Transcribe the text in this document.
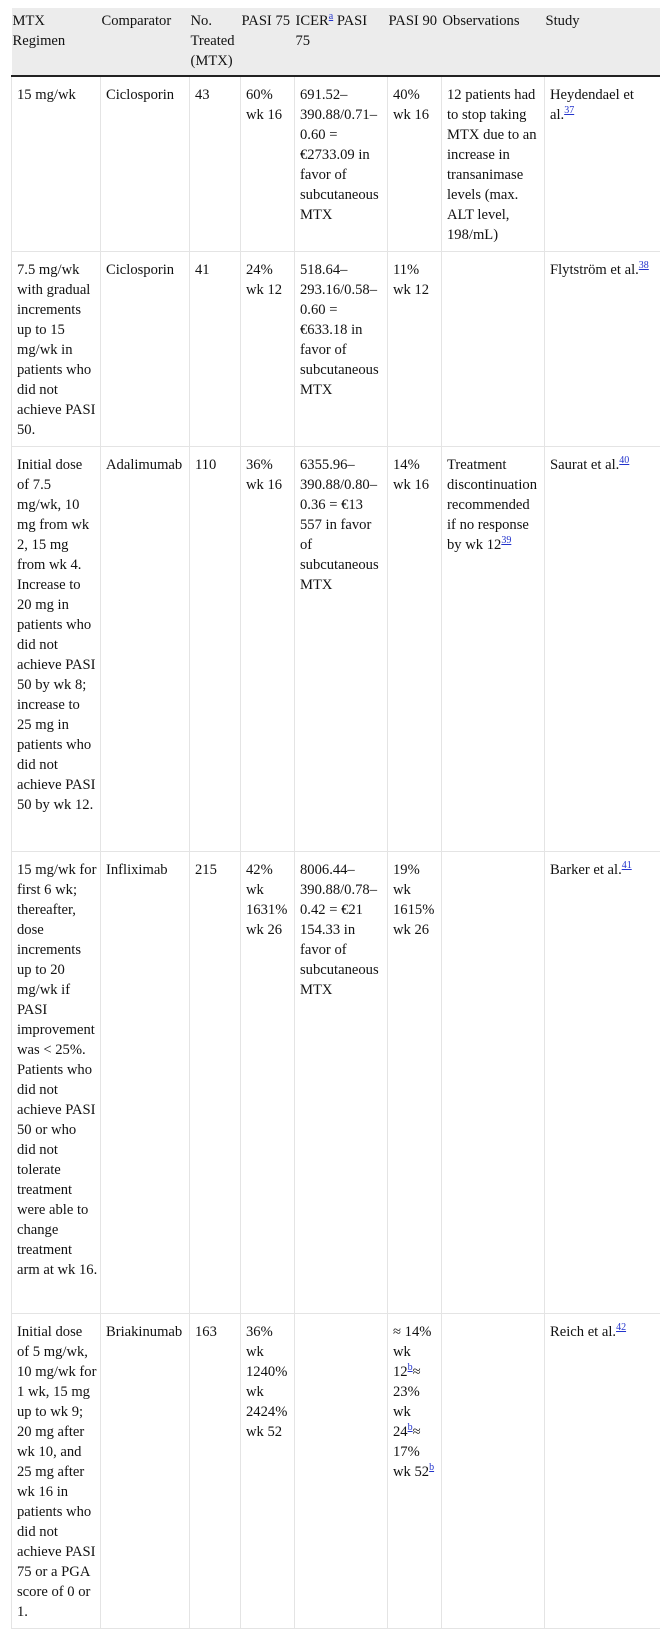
MTX Regimen	Comparator	No. Treated (MTX)	PASI 75	ICER$^a$ PASI 75	PASI 90	Observations	Study
15 mg/wk	Ciclosporin	43	60% wk 16	691.52–390.88/0.71–0.60 = €2733.09 in favor of subcutaneous MTX	40% wk 16	12 patients had to stop taking MTX due to an increase in transanimase levels (max. ALT level, 198/mL)	Heydendael et al.$^{37}$
7.5 mg/wk with gradual increments up to 15 mg/wk in patients who did not achieve PASI 50.	Ciclosporin	41	24% wk 12	518.64–293.16/0.58–0.60 = €633.18 in favor of subcutaneous MTX	11% wk 12		Flytström et al.$^{38}$
Initial dose of 7.5 mg/wk, 10 mg from wk 2, 15 mg from wk 4. Increase to 20 mg in patients who did not achieve PASI 50 by wk 8; increase to 25 mg in patients who did not achieve PASI 50 by wk 12.	Adalimumab	110	36% wk 16	6355.96–390.88/0.80–0.36 = €13 557 in favor of subcutaneous MTX	14% wk 16	Treatment discontinuation recommended if no response by wk $12^{39}$	Saurat et al.$^{40}$
15 mg/wk for first 6 wk; thereafter, dose increments up to 20 mg/wk if PASI improvement was < 25%. Patients who did not achieve PASI 50 or who did not tolerate treatment were able to change treatment arm at wk 16.	Infliximab	215	42% wk 1631% wk 26	8006.44–390.88/0.78–0.42 = €21 154.33 in favor of subcutaneous MTX	19% wk 1615% wk 26		Barker et al.$^{41}$
Initial dose of 5 mg/wk, 10 mg/wk for 1 wk, 15 mg up to wk 9; 20 mg after wk 10, and 25 mg after wk 16 in patients who did not achieve PASI 75 or a PGA score of 0 or 1.	Briakinumab	163	36% wk 1240% wk 2424% wk 52		≈ 14% wk $12^b\approx 23\%$ wk $24^b\approx 17\%$ wk 52$^b$		Reich et al.$^{42}$
